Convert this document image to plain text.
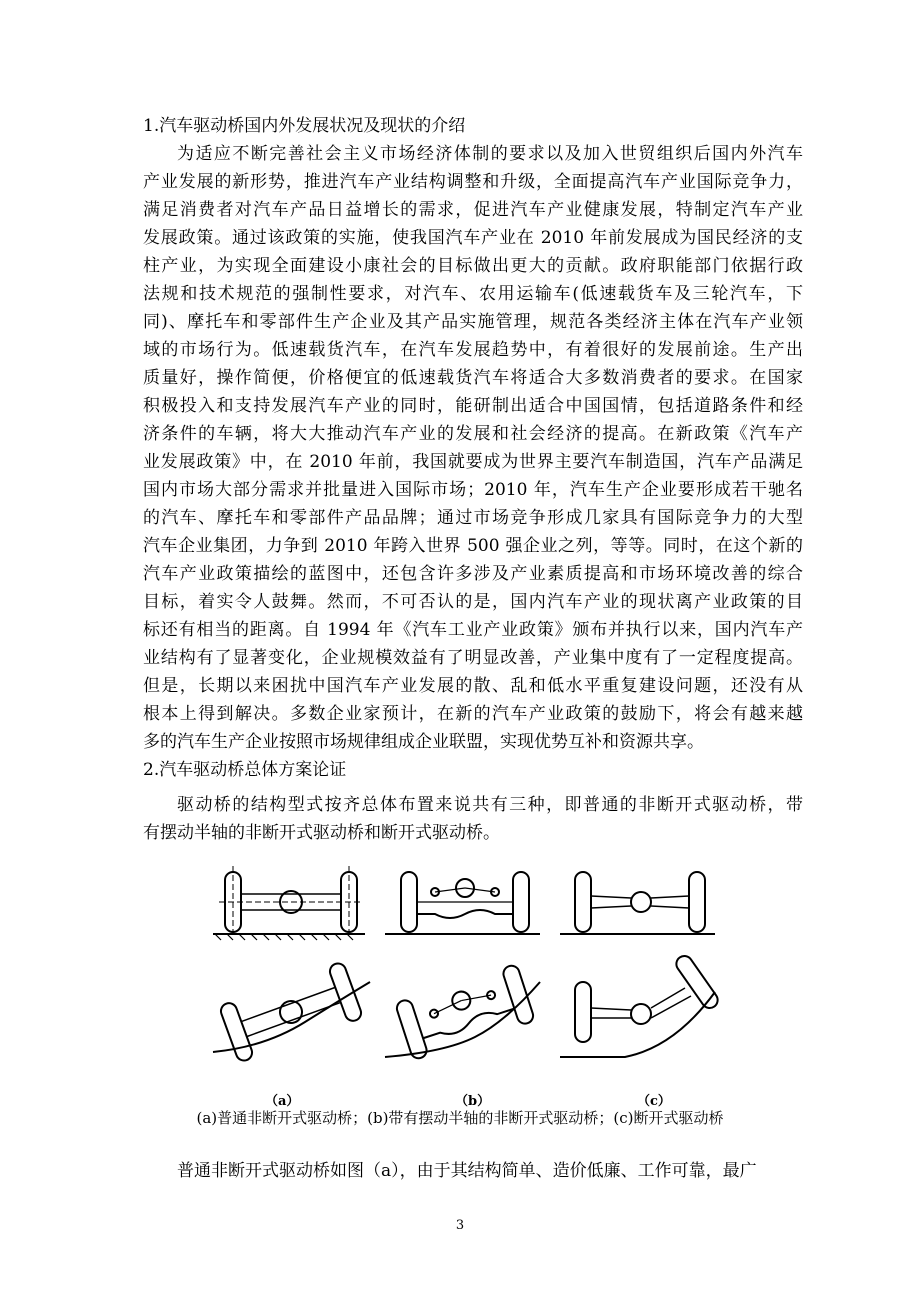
1.汽车驱动桥国内外发展状况及现状的介绍
为适应不断完善社会主义市场经济体制的要求以及加入世贸组织后国内外汽车
产业发展的新形势，推进汽车产业结构调整和升级，全面提高汽车产业国际竞争力，
满足消费者对汽车产品日益增长的需求，促进汽车产业健康发展，特制定汽车产业
发展政策。通过该政策的实施，使我国汽车产业在 2010 年前发展成为国民经济的支
柱产业，为实现全面建设小康社会的目标做出更大的贡献。政府职能部门依据行政
法规和技术规范的强制性要求，对汽车、农用运输车(低速载货车及三轮汽车，下
同)、摩托车和零部件生产企业及其产品实施管理，规范各类经济主体在汽车产业领
域的市场行为。低速载货汽车，在汽车发展趋势中，有着很好的发展前途。生产出
质量好，操作简便，价格便宜的低速载货汽车将适合大多数消费者的要求。在国家
积极投入和支持发展汽车产业的同时，能研制出适合中国国情，包括道路条件和经
济条件的车辆，将大大推动汽车产业的发展和社会经济的提高。在新政策《汽车产
业发展政策》中，在 2010 年前，我国就要成为世界主要汽车制造国，汽车产品满足
国内市场大部分需求并批量进入国际市场；2010 年，汽车生产企业要形成若干驰名
的汽车、摩托车和零部件产品品牌；通过市场竞争形成几家具有国际竞争力的大型
汽车企业集团，力争到 2010 年跨入世界 500 强企业之列，等等。同时，在这个新的
汽车产业政策描绘的蓝图中，还包含许多涉及产业素质提高和市场环境改善的综合
目标，着实令人鼓舞。然而，不可否认的是，国内汽车产业的现状离产业政策的目
标还有相当的距离。自 1994 年《汽车工业产业政策》颁布并执行以来，国内汽车产
业结构有了显著变化，企业规模效益有了明显改善，产业集中度有了一定程度提高。
但是，长期以来困扰中国汽车产业发展的散、乱和低水平重复建设问题，还没有从
根本上得到解决。多数企业家预计，在新的汽车产业政策的鼓励下，将会有越来越
多的汽车生产企业按照市场规律组成企业联盟，实现优势互补和资源共享。
2.汽车驱动桥总体方案论证
驱动桥的结构型式按齐总体布置来说共有三种，即普通的非断开式驱动桥，带
有摆动半轴的非断开式驱动桥和断开式驱动桥。
（a）	（b）	（c）
(a)普通非断开式驱动桥；(b)带有摆动半轴的非断开式驱动桥；(c)断开式驱动桥
普通非断开式驱动桥如图（a），由于其结构简单、造价低廉、工作可靠，最广
3
